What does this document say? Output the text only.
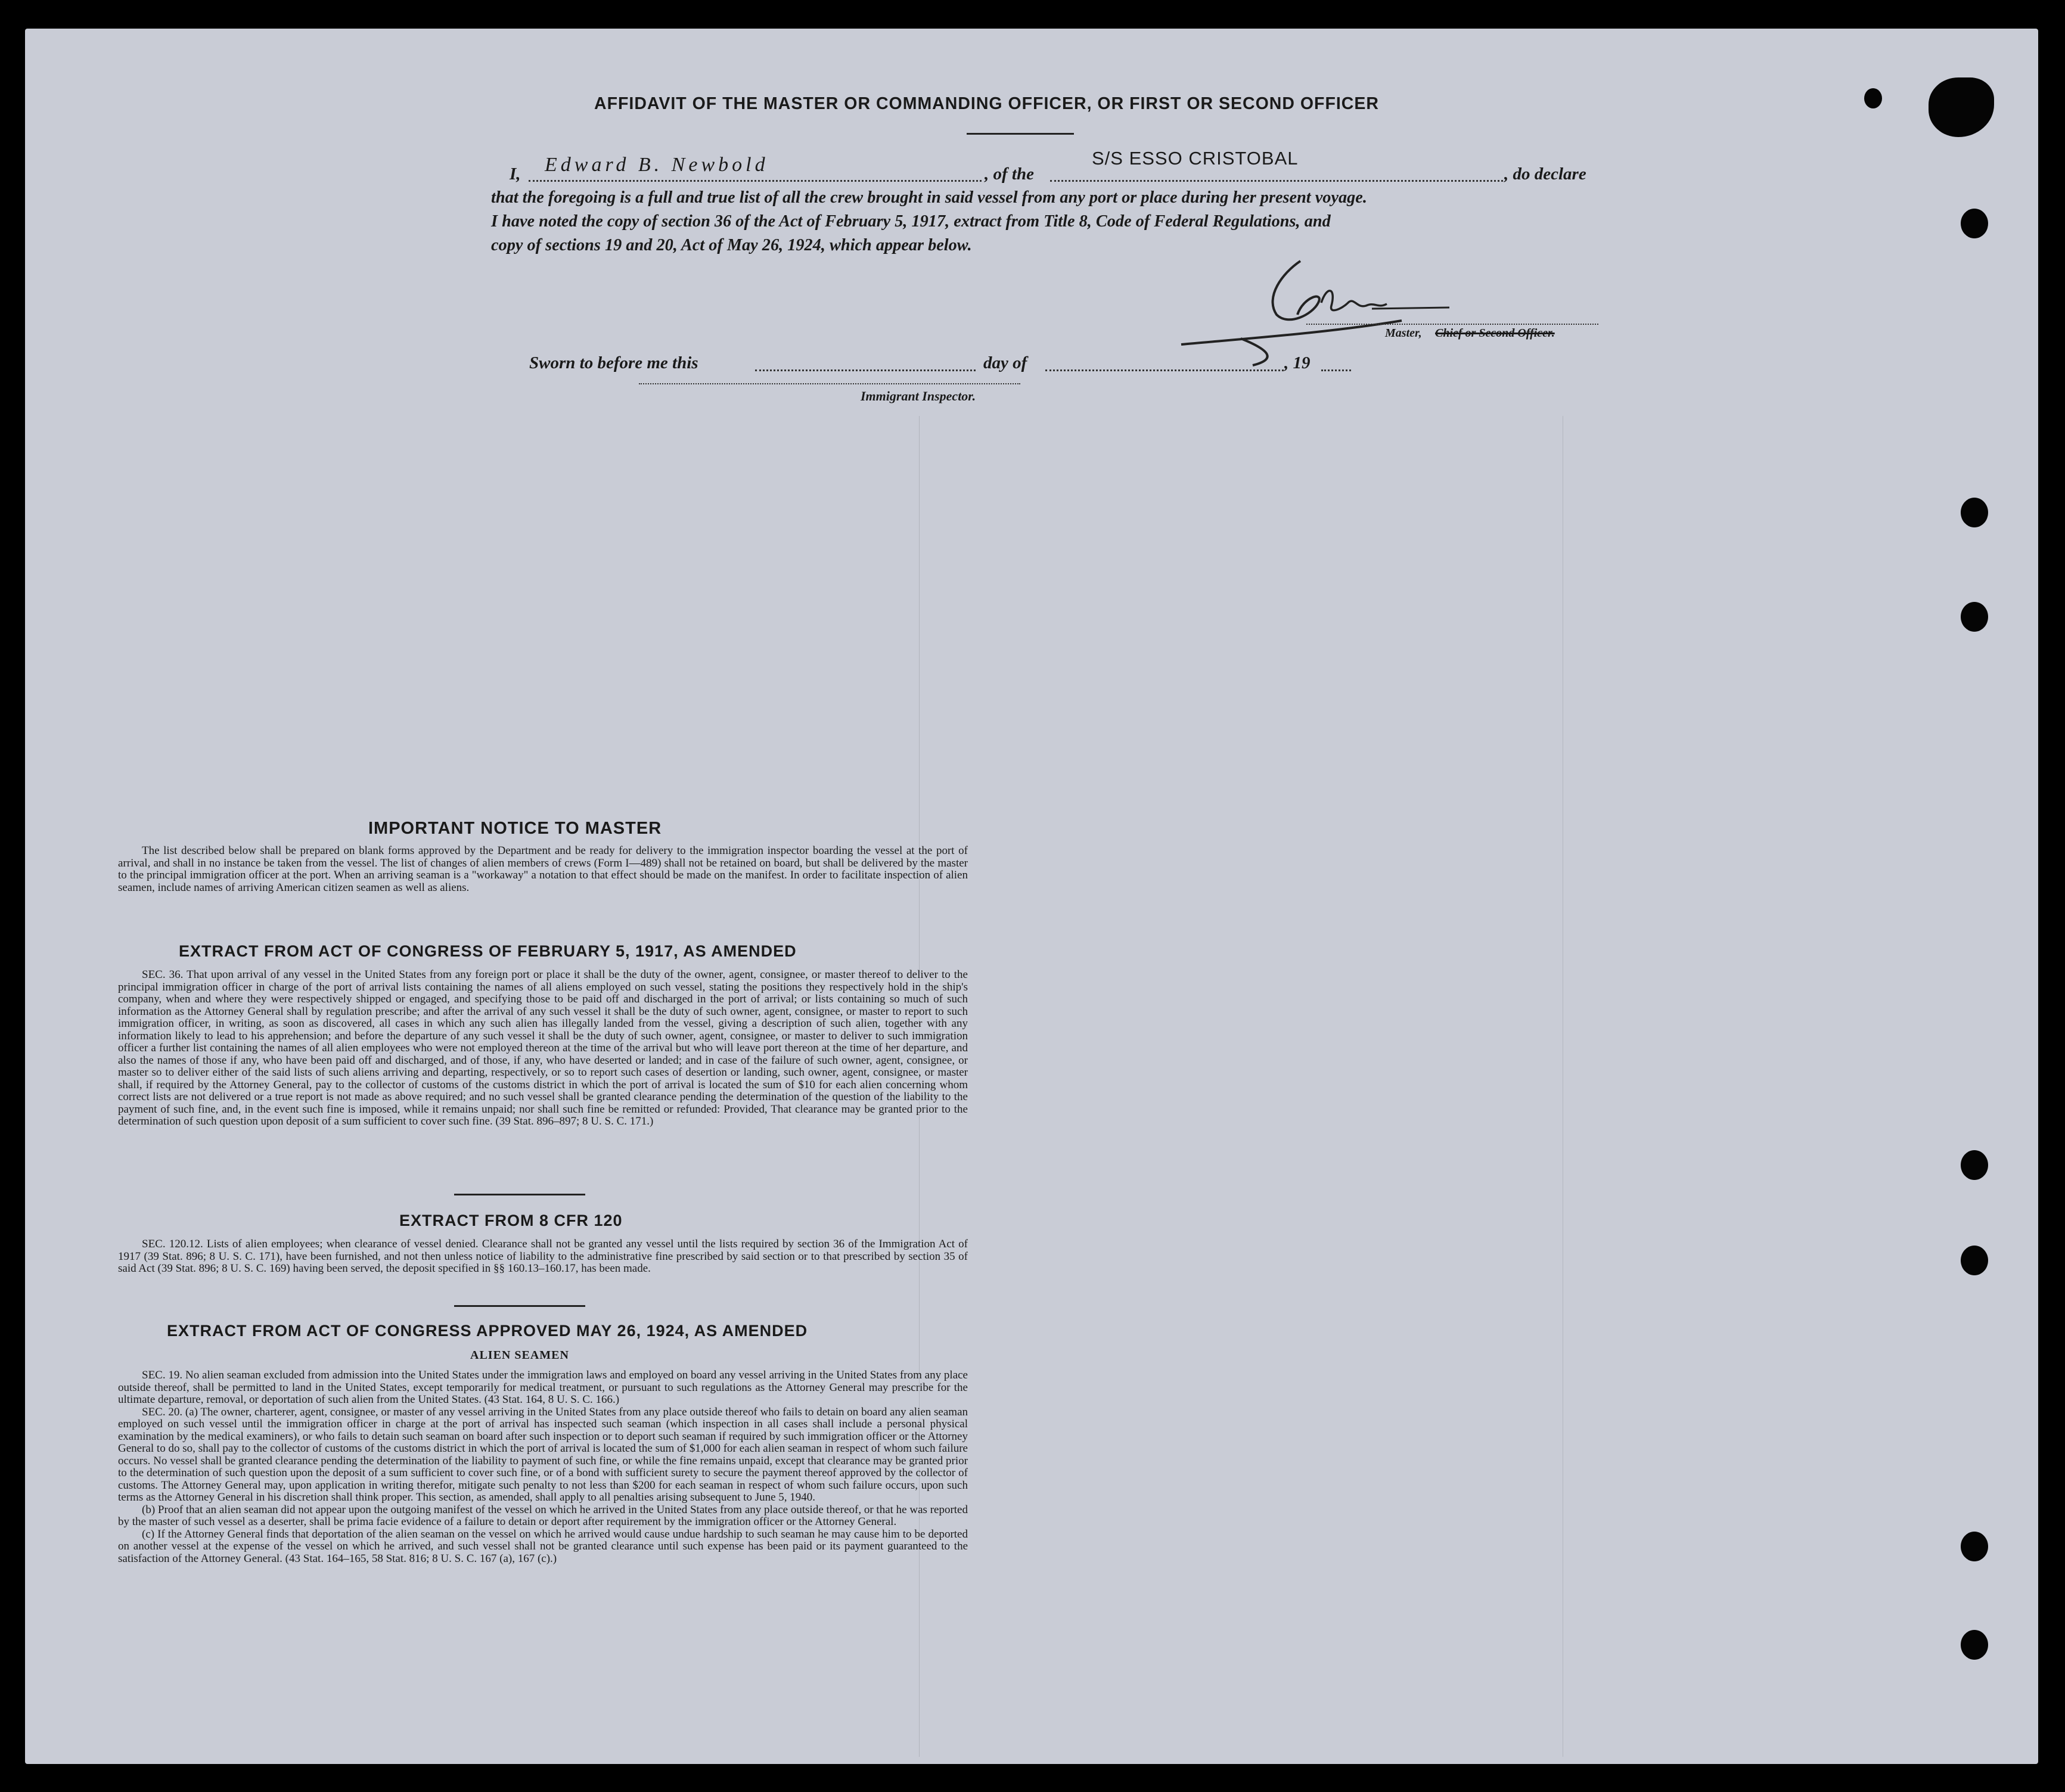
AFFIDAVIT OF THE MASTER OR COMMANDING OFFICER, OR FIRST OR SECOND OFFICER
S/S ESSO CRISTOBAL
I, Edward B. Newbold	, of the	, do declare
that the foregoing is a full and true list of all the crew brought in said vessel from any port or place during her present voyage.
I have noted the copy of section 36 of the Act of February 5, 1917, extract from Title 8, Code of Federal Regulations, and
copy of sections 19 and 20, Act of May 26, 1924, which appear below.
Master, Chief or Second Officer.
Sworn to before me this	day of	, 19
Immigrant Inspector.
IMPORTANT NOTICE TO MASTER

The list described below shall be prepared on blank forms approved by the Department and be ready for delivery to the immigration inspector boarding the vessel at the port of arrival, and shall in no instance be taken from the vessel. The list of changes of alien members of crews (Form I—489) shall not be retained on board, but shall be delivered by the master to the principal immigration officer at the port. When an arriving seaman is a "workaway" a notation to that effect should be made on the manifest. In order to facilitate inspection of alien seamen, include names of arriving American citizen seamen as well as aliens.

EXTRACT FROM ACT OF CONGRESS OF FEBRUARY 5, 1917, AS AMENDED

SEC. 36. That upon arrival of any vessel in the United States from any foreign port or place it shall be the duty of the owner, agent, consignee, or master thereof to deliver to the principal immigration officer in charge of the port of arrival lists containing the names of all aliens employed on such vessel, stating the positions they respectively hold in the ship's company, when and where they were respectively shipped or engaged, and specifying those to be paid off and discharged in the port of arrival; or lists containing so much of such information as the Attorney General shall by regulation prescribe; and after the arrival of any such vessel it shall be the duty of such owner, agent, consignee, or master to report to such immigration officer, in writing, as soon as discovered, all cases in which any such alien has illegally landed from the vessel, giving a description of such alien, together with any information likely to lead to his apprehension; and before the departure of any such vessel it shall be the duty of such owner, agent, consignee, or master to deliver to such immigration officer a further list containing the names of all alien employees who were not employed thereon at the time of the arrival but who will leave port thereon at the time of her departure, and also the names of those if any, who have been paid off and discharged, and of those, if any, who have deserted or landed; and in case of the failure of such owner, agent, consignee, or master so to deliver either of the said lists of such aliens arriving and departing, respectively, or so to report such cases of desertion or landing, such owner, agent, consignee, or master shall, if required by the Attorney General, pay to the collector of customs of the customs district in which the port of arrival is located the sum of $10 for each alien concerning whom correct lists are not delivered or a true report is not made as above required; and no such vessel shall be granted clearance pending the determination of the question of the liability to the payment of such fine, and, in the event such fine is imposed, while it remains unpaid; nor shall such fine be remitted or refunded: Provided, That clearance may be granted prior to the determination of such question upon deposit of a sum sufficient to cover such fine. (39 Stat. 896–897; 8 U. S. C. 171.)

EXTRACT FROM 8 CFR 120

SEC. 120.12. Lists of alien employees; when clearance of vessel denied. Clearance shall not be granted any vessel until the lists required by section 36 of the Immigration Act of 1917 (39 Stat. 896; 8 U. S. C. 171), have been furnished, and not then unless notice of liability to the administrative fine prescribed by said section or to that prescribed by section 35 of said Act (39 Stat. 896; 8 U. S. C. 169) having been served, the deposit specified in §§ 160.13–160.17, has been made.

EXTRACT FROM ACT OF CONGRESS APPROVED MAY 26, 1924, AS AMENDED
ALIEN SEAMEN

SEC. 19. No alien seaman excluded from admission into the United States under the immigration laws and employed on board any vessel arriving in the United States from any place outside thereof, shall be permitted to land in the United States, except temporarily for medical treatment, or pursuant to such regulations as the Attorney General may prescribe for the ultimate departure, removal, or deportation of such alien from the United States. (43 Stat. 164, 8 U. S. C. 166.)

SEC. 20. (a) The owner, charterer, agent, consignee, or master of any vessel arriving in the United States from any place outside thereof who fails to detain on board any alien seaman employed on such vessel until the immigration officer in charge at the port of arrival has inspected such seaman (which inspection in all cases shall include a personal physical examination by the medical examiners), or who fails to detain such seaman on board after such inspection or to deport such seaman if required by such immigration officer or the Attorney General to do so, shall pay to the collector of customs of the customs district in which the port of arrival is located the sum of $1,000 for each alien seaman in respect of whom such failure occurs. No vessel shall be granted clearance pending the determination of the liability to payment of such fine, or while the fine remains unpaid, except that clearance may be granted prior to the determination of such question upon the deposit of a sum sufficient to cover such fine, or of a bond with sufficient surety to secure the payment thereof approved by the collector of customs. The Attorney General may, upon application in writing therefor, mitigate such penalty to not less than $200 for each seaman in respect of whom such failure occurs, upon such terms as the Attorney General in his discretion shall think proper. This section, as amended, shall apply to all penalties arising subsequent to June 5, 1940.

(b) Proof that an alien seaman did not appear upon the outgoing manifest of the vessel on which he arrived in the United States from any place outside thereof, or that he was reported by the master of such vessel as a deserter, shall be prima facie evidence of a failure to detain or deport after requirement by the immigration officer or the Attorney General.

(c) If the Attorney General finds that deportation of the alien seaman on the vessel on which he arrived would cause undue hardship to such seaman he may cause him to be deported on another vessel at the expense of the vessel on which he arrived, and such vessel shall not be granted clearance until such expense has been paid or its payment guaranteed to the satisfaction of the Attorney General. (43 Stat. 164–165, 58 Stat. 816; 8 U. S. C. 167 (a), 167 (c).)
